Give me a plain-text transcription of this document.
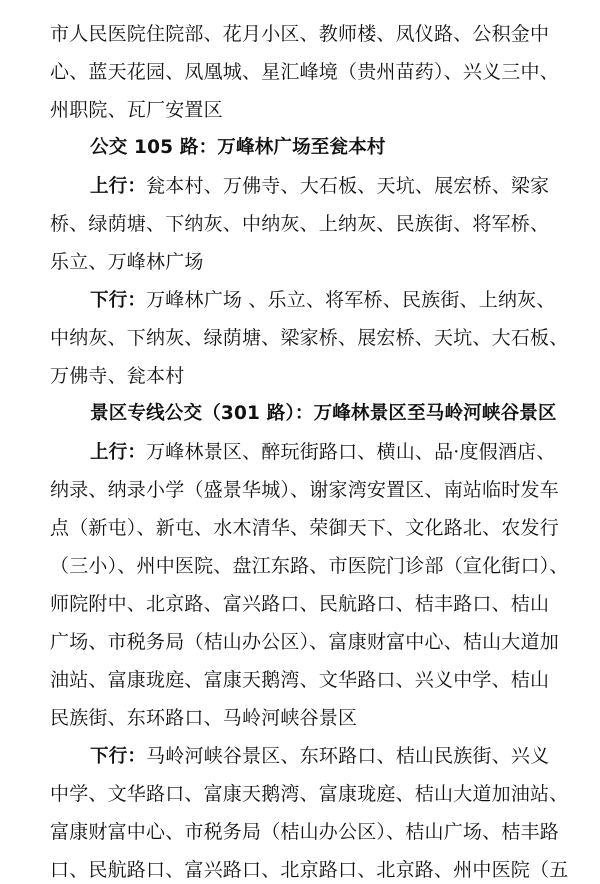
市人民医院住院部、花月小区、教师楼、凤仪路、公积金中
心、蓝天花园、凤凰城、星汇峰境（贵州苗药）、兴义三中、
州职院、瓦厂安置区
公交 105 路：万峰林广场至瓮本村
上行：瓮本村、万佛寺、大石板、天坑、展宏桥、梁家
桥、绿荫塘、下纳灰、中纳灰、上纳灰、民族街、将军桥、
乐立、万峰林广场
下行：万峰林广场 、乐立、将军桥、民族街、上纳灰、
中纳灰、下纳灰、绿荫塘、梁家桥、展宏桥、天坑、大石板、
万佛寺、瓮本村
景区专线公交（301 路）：万峰林景区至马岭河峡谷景区
上行：万峰林景区、醉玩街路口、横山、品·度假酒店、
纳录、纳录小学（盛景华城）、谢家湾安置区、南站临时发车
点（新屯）、新屯、水木清华、荣御天下、文化路北、农发行
（三小）、州中医院、盘江东路、市医院门诊部（宣化街口）、
师院附中、北京路、富兴路口、民航路口、桔丰路口、桔山
广场、市税务局（桔山办公区）、富康财富中心、桔山大道加
油站、富康珑庭、富康天鹅湾、文华路口、兴义中学、桔山
民族街、东环路口、马岭河峡谷景区
下行：马岭河峡谷景区、东环路口、桔山民族街、兴义
中学、文华路口、富康天鹅湾、富康珑庭、桔山大道加油站、
富康财富中心、市税务局（桔山办公区）、桔山广场、桔丰路
口、民航路口、富兴路口、北京路口、北京路、州中医院（五
